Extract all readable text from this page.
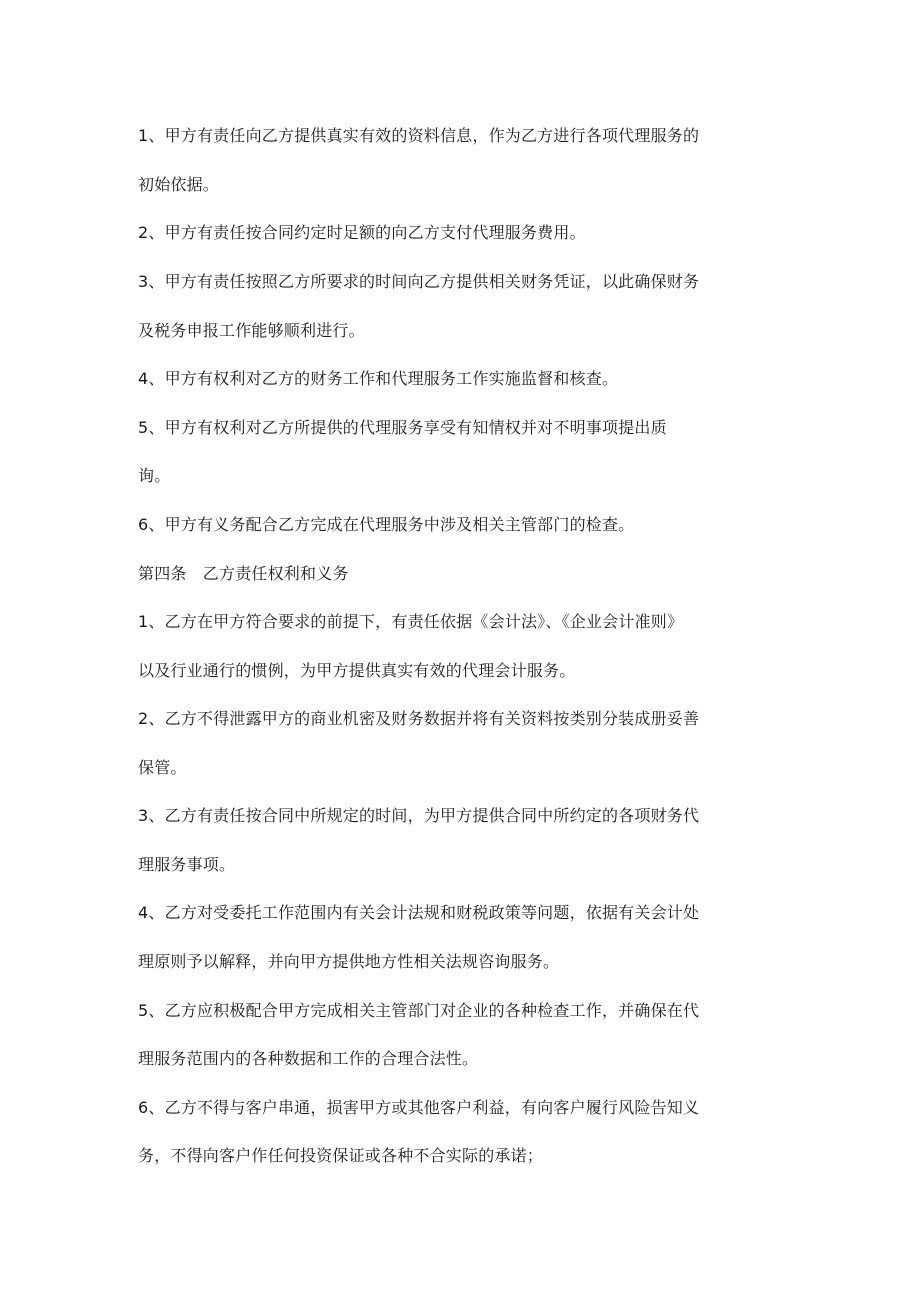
1、甲方有责任向乙方提供真实有效的资料信息，作为乙方进行各项代理服务的

初始依据。

2、甲方有责任按合同约定时足额的向乙方支付代理服务费用。

3、甲方有责任按照乙方所要求的时间向乙方提供相关财务凭证，以此确保财务

及税务申报工作能够顺利进行。

4、甲方有权利对乙方的财务工作和代理服务工作实施监督和核查。

5、甲方有权利对乙方所提供的代理服务享受有知情权并对不明事项提出质

询。

6、甲方有义务配合乙方完成在代理服务中涉及相关主管部门的检查。

第四条　乙方责任权利和义务

1、乙方在甲方符合要求的前提下，有责任依据《会计法》、《企业会计准则》

以及行业通行的惯例，为甲方提供真实有效的代理会计服务。

2、乙方不得泄露甲方的商业机密及财务数据并将有关资料按类别分装成册妥善

保管。

3、乙方有责任按合同中所规定的时间，为甲方提供合同中所约定的各项财务代

理服务事项。

4、乙方对受委托工作范围内有关会计法规和财税政策等问题，依据有关会计处

理原则予以解释，并向甲方提供地方性相关法规咨询服务。

5、乙方应积极配合甲方完成相关主管部门对企业的各种检查工作，并确保在代

理服务范围内的各种数据和工作的合理合法性。

6、乙方不得与客户串通，损害甲方或其他客户利益，有向客户履行风险告知义

务，不得向客户作任何投资保证或各种不合实际的承诺；
